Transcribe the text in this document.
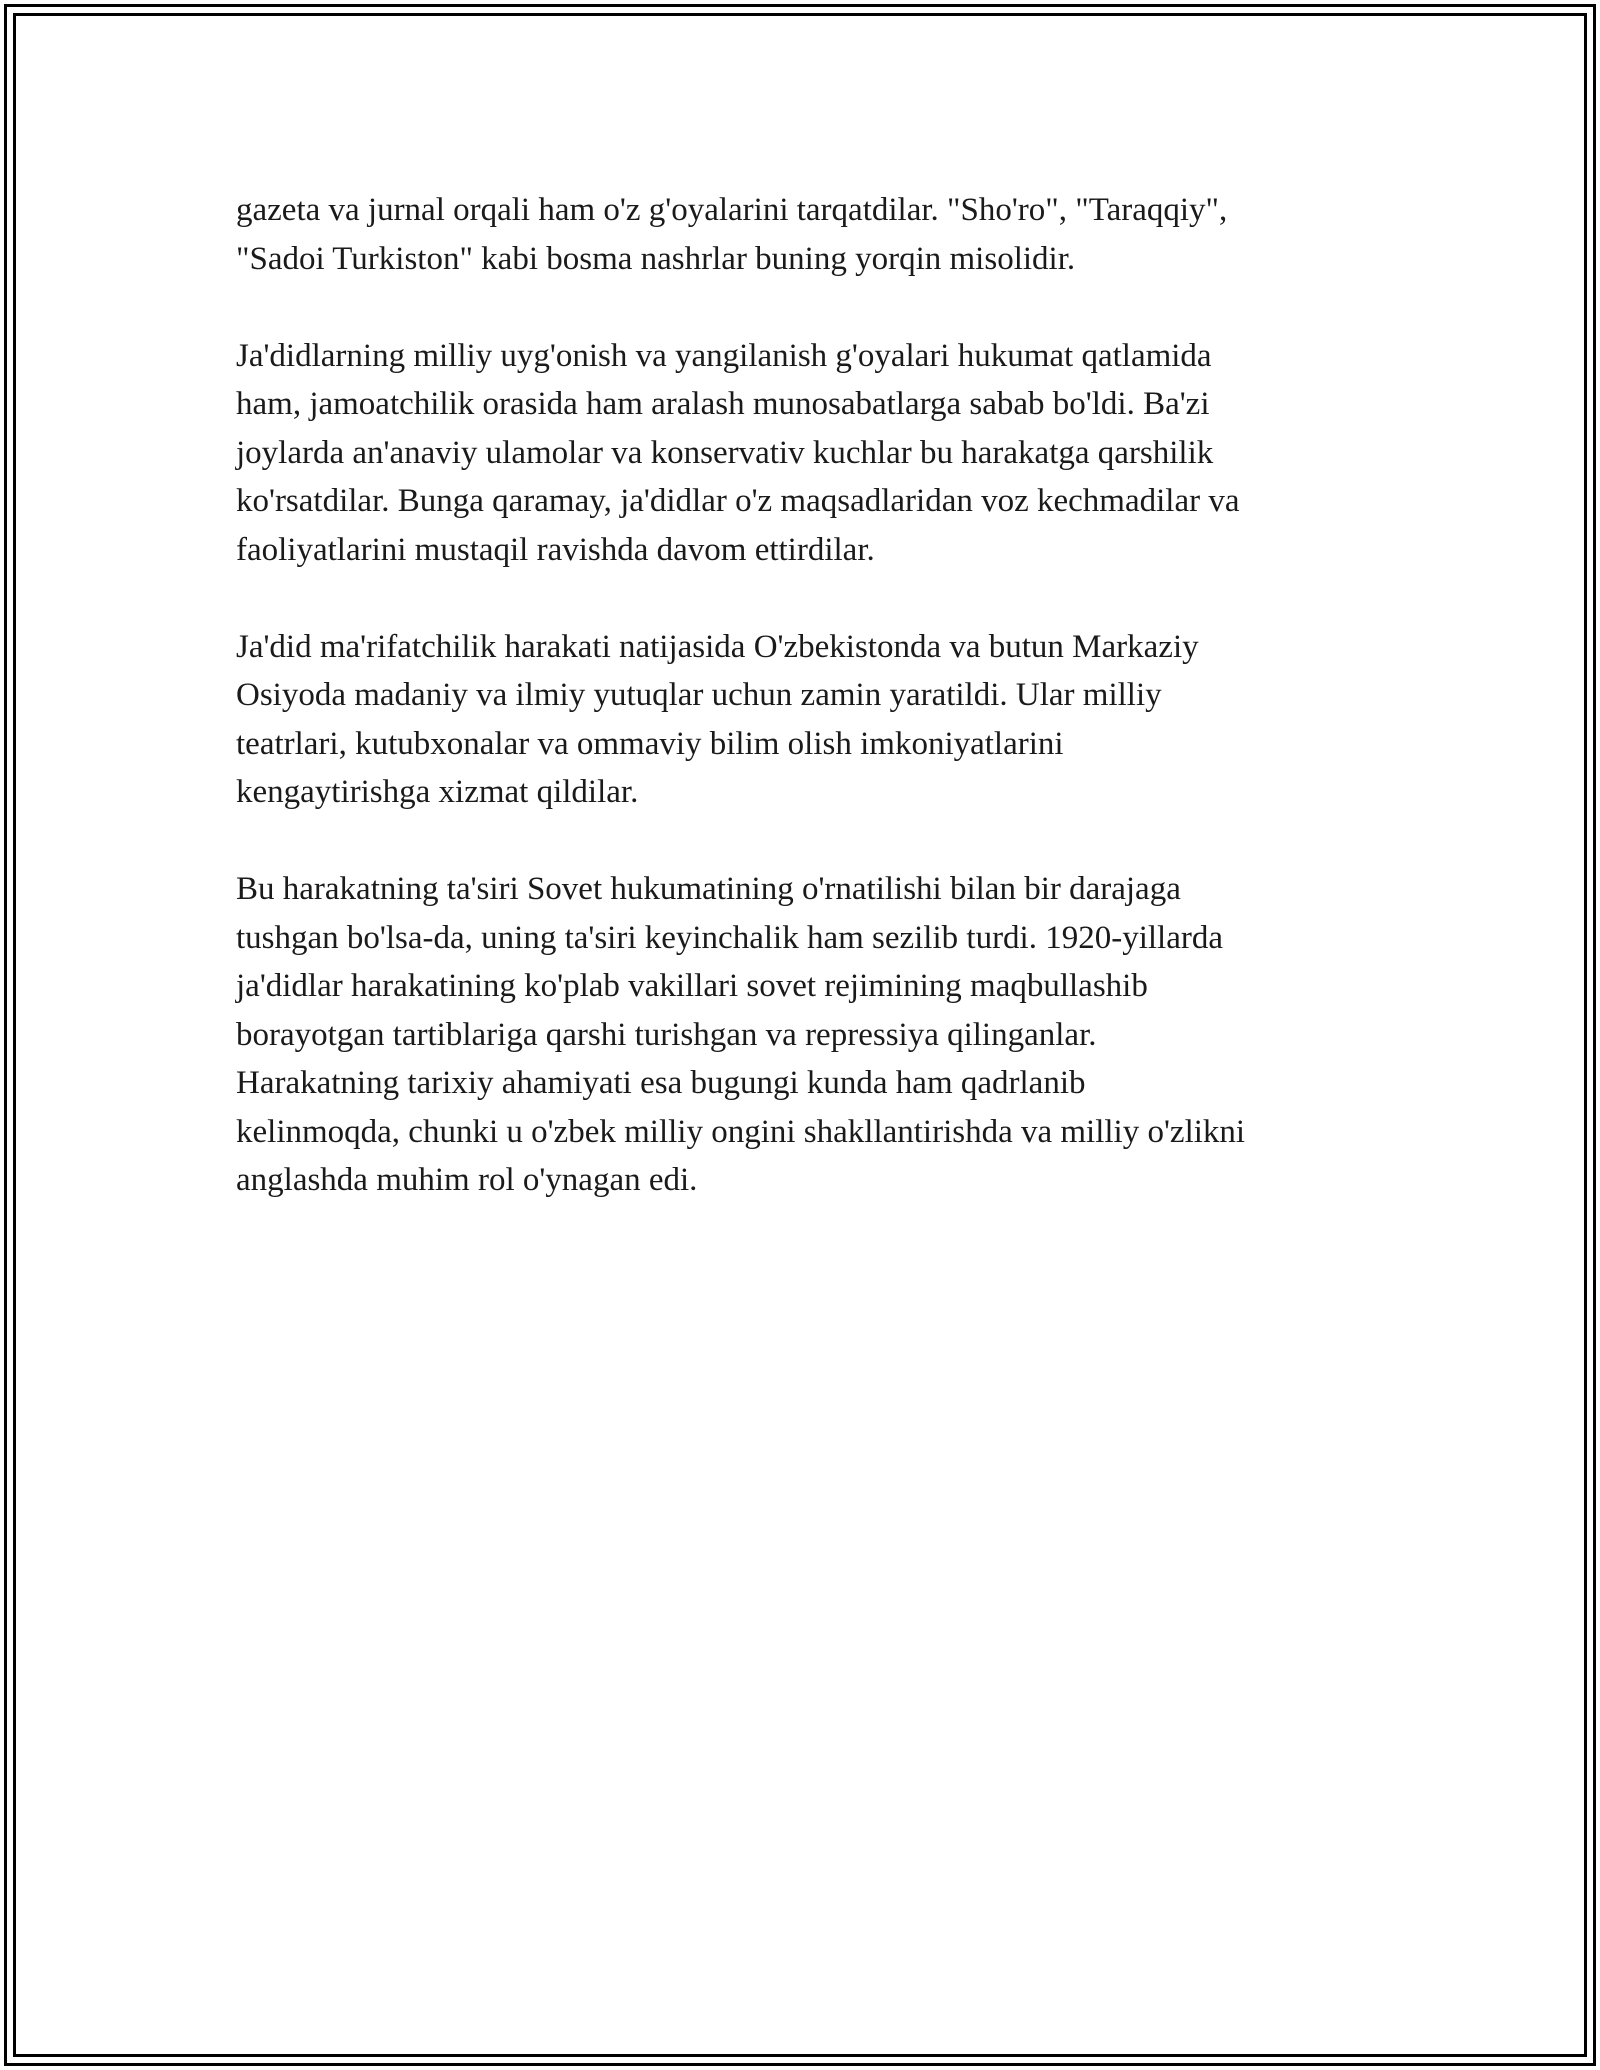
gazeta va jurnal orqali ham o'z g'oyalarini tarqatdilar. "Sho'ro", "Taraqqiy",
"Sadoi Turkiston" kabi bosma nashrlar buning yorqin misolidir.

Ja'didlarning milliy uyg'onish va yangilanish g'oyalari hukumat qatlamida
ham, jamoatchilik orasida ham aralash munosabatlarga sabab bo'ldi. Ba'zi
joylarda an'anaviy ulamolar va konservativ kuchlar bu harakatga qarshilik
ko'rsatdilar. Bunga qaramay, ja'didlar o'z maqsadlaridan voz kechmadilar va
faoliyatlarini mustaqil ravishda davom ettirdilar.

Ja'did ma'rifatchilik harakati natijasida O'zbekistonda va butun Markaziy
Osiyoda madaniy va ilmiy yutuqlar uchun zamin yaratildi. Ular milliy
teatrlari, kutubxonalar va ommaviy bilim olish imkoniyatlarini
kengaytirishga xizmat qildilar.

Bu harakatning ta'siri Sovet hukumatining o'rnatilishi bilan bir darajaga
tushgan bo'lsa-da, uning ta'siri keyinchalik ham sezilib turdi. 1920-yillarda
ja'didlar harakatining ko'plab vakillari sovet rejimining maqbullashib
borayotgan tartiblariga qarshi turishgan va repressiya qilinganlar.
Harakatning tarixiy ahamiyati esa bugungi kunda ham qadrlanib
kelinmoqda, chunki u o'zbek milliy ongini shakllantirishda va milliy o'zlikni
anglashda muhim rol o'ynagan edi.
